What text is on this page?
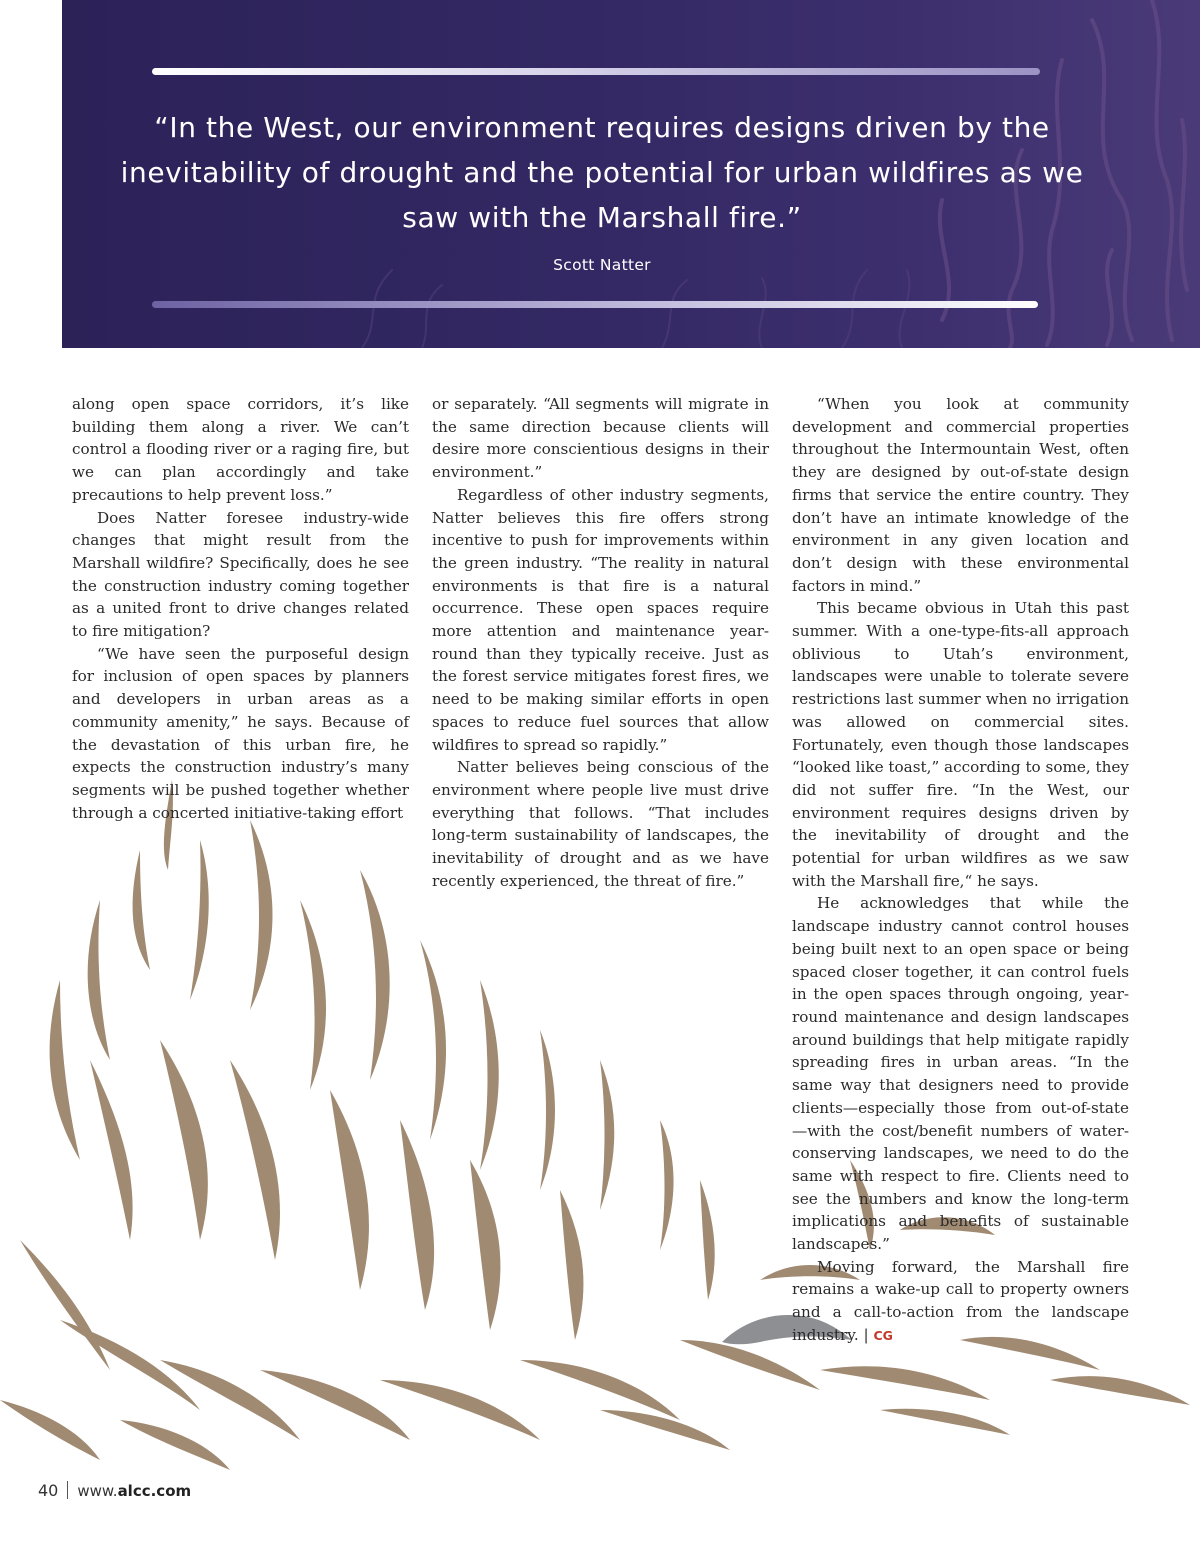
“In the West, our environment requires designs driven by the inevitability of drought and the potential for urban wildfires as we saw with the Marshall fire.”

Scott Natter

along open space corridors, it’s like building them along a river. We can’t control a flooding river or a raging fire, but we can plan accordingly and take precautions to help prevent loss.”

Does Natter foresee industry-wide changes that might result from the Marshall wildfire? Specifically, does he see the construction industry coming together as a united front to drive changes related to fire mitigation?

“We have seen the purposeful design for inclusion of open spaces by planners and developers in urban areas as a community amenity,” he says. Because of the devastation of this urban fire, he expects the construction industry’s many segments will be pushed together whether through a concerted initiative-taking effort

or separately. “All segments will migrate in the same direction because clients will desire more conscientious designs in their environment.”

Regardless of other industry segments, Natter believes this fire offers strong incentive to push for improvements within the green industry. “The reality in natural environments is that fire is a natural occurrence. These open spaces require more attention and maintenance year-round than they typically receive. Just as the forest service mitigates forest fires, we need to be making similar efforts in open spaces to reduce fuel sources that allow wildfires to spread so rapidly.”

Natter believes being conscious of the environment where people live must drive everything that follows. “That includes long-term sustainability of landscapes, the inevitability of drought and as we have recently experienced, the threat of fire.”

“When you look at community development and commercial properties throughout the Intermountain West, often they are designed by out-of-state design firms that service the entire country. They don’t have an intimate knowledge of the environment in any given location and don’t design with these environmental factors in mind.”

This became obvious in Utah this past summer. With a one-type-fits-all approach oblivious to Utah’s environment, landscapes were unable to tolerate severe restrictions last summer when no irrigation was allowed on commercial sites. Fortunately, even though those landscapes “looked like toast,” according to some, they did not suffer fire. “In the West, our environment requires designs driven by the inevitability of drought and the potential for urban wildfires as we saw with the Marshall fire,“ he says.

He acknowledges that while the landscape industry cannot control houses being built next to an open space or being spaced closer together, it can control fuels in the open spaces through ongoing, year-round maintenance and design landscapes around buildings that help mitigate rapidly spreading fires in urban areas. “In the same way that designers need to provide clients—especially those from out-of-state—with the cost/benefit numbers of water-conserving landscapes, we need to do the same with respect to fire. Clients need to see the numbers and know the long-term implications and benefits of sustainable landscapes.”

Moving forward, the Marshall fire remains a wake-up call to property owners and a call-to-action from the landscape industry. | CG

40 www.alcc.com
